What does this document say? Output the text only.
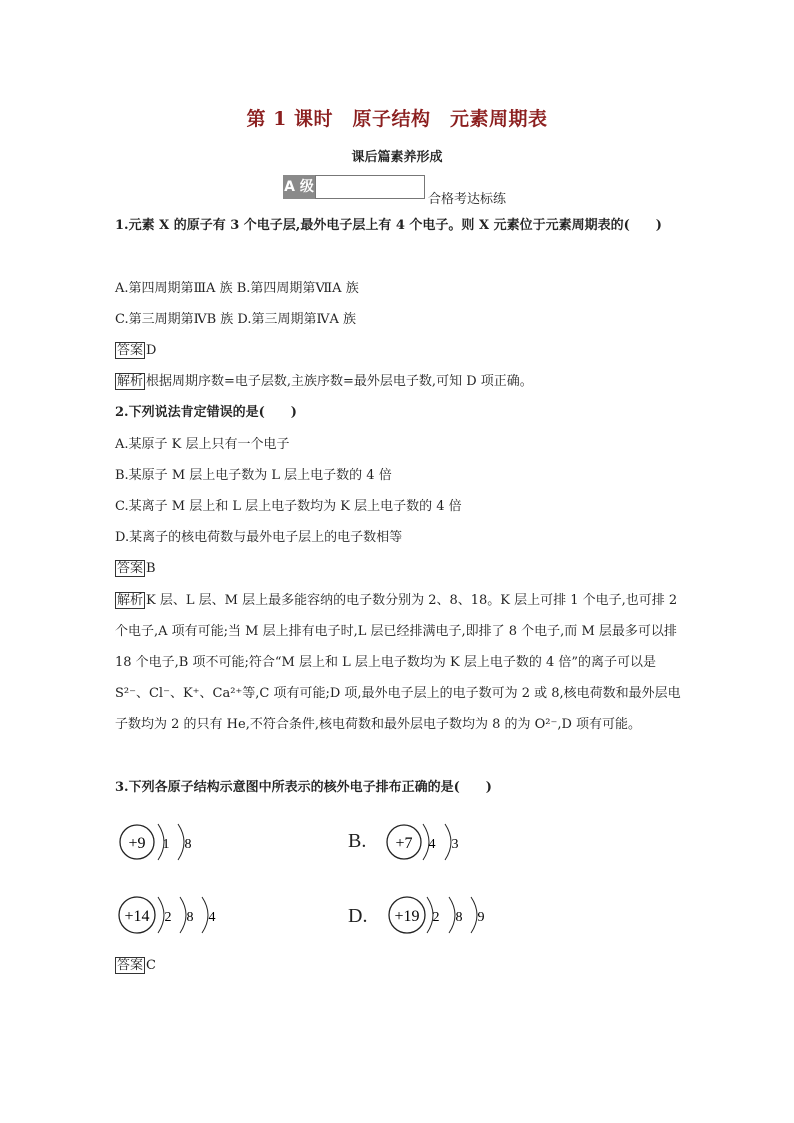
第 1 课时　原子结构　元素周期表
课后篇素养形成
A 级
合格考达标练
1.元素 X 的原子有 3 个电子层,最外电子层上有 4 个电子。则 X 元素位于元素周期表的(　　)
A.第四周期第ⅢA 族 B.第四周期第ⅦA 族
C.第三周期第ⅣB 族 D.第三周期第ⅣA 族
答案 D
解析 根据周期序数=电子层数,主族序数=最外层电子数,可知 D 项正确。
2.下列说法肯定错误的是(　　)
A.某原子 K 层上只有一个电子
B.某原子 M 层上电子数为 L 层上电子数的 4 倍
C.某离子 M 层上和 L 层上电子数均为 K 层上电子数的 4 倍
D.某离子的核电荷数与最外电子层上的电子数相等
答案 B
解析 K 层、L 层、M 层上最多能容纳的电子数分别为 2、8、18。K 层上可排 1 个电子,也可排 2 个电子,A 项有可能;当 M 层上排有电子时,L 层已经排满电子,即排了 8 个电子,而 M 层最多可以排 18 个电子,B 项不可能;符合“M 层上和 L 层上电子数均为 K 层上电子数的 4 倍”的离子可以是 S²⁻、Cl⁻、K⁺、Ca²⁺等,C 项有可能;D 项,最外电子层上的电子数可为 2 或 8,核电荷数和最外层电子数均为 2 的只有 He,不符合条件,核电荷数和最外层电子数均为 8 的为 O²⁻,D 项有可能。
3.下列各原子结构示意图中所表示的核外电子排布正确的是(　　)
+9 1 8	B. +7 4 3
+14 2 8 4	D. +19 2 8 9
答案 C
